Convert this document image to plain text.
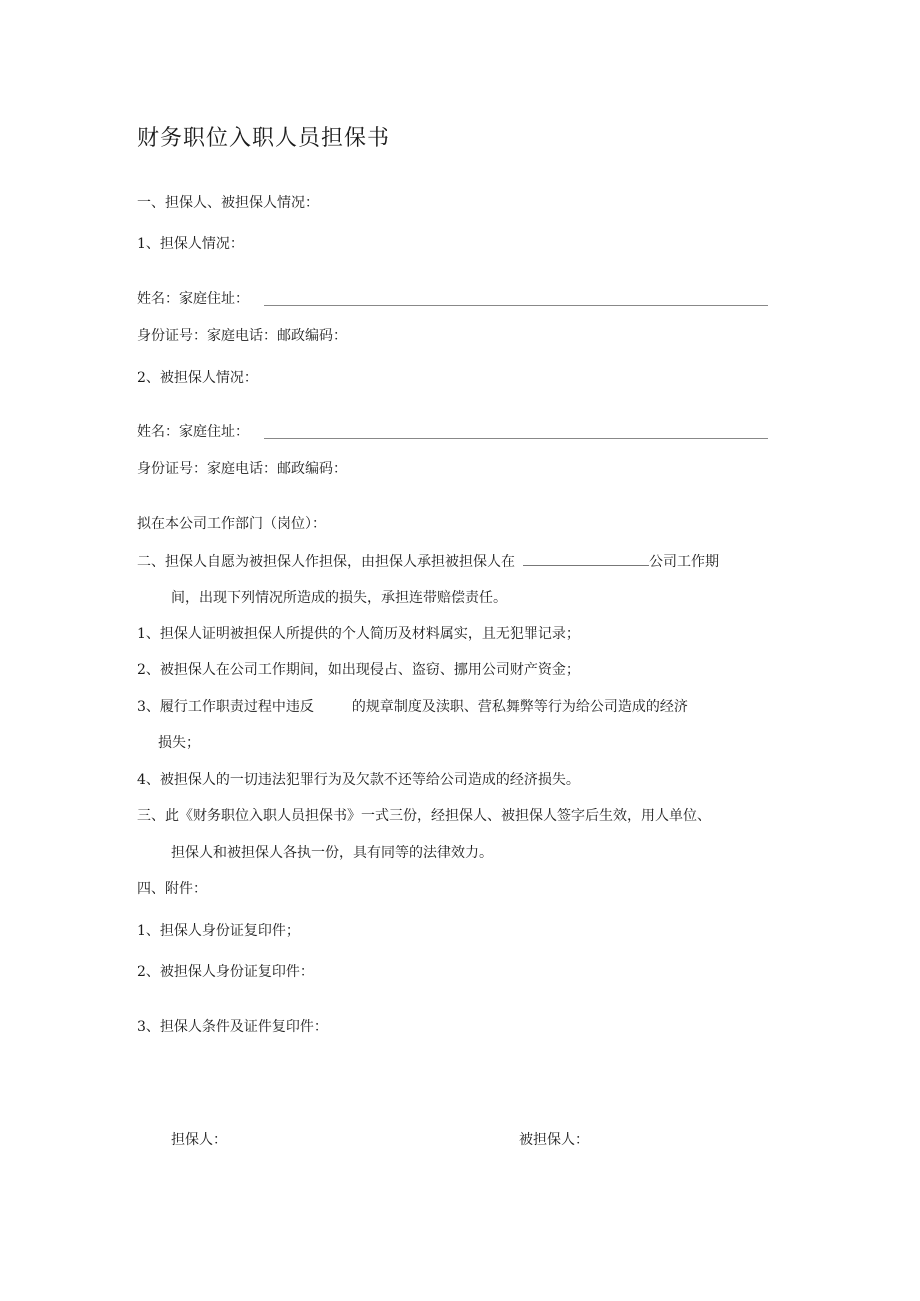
财务职位入职人员担保书
一、担保人、被担保人情况：
1、担保人情况：
姓名：家庭住址：
身份证号：家庭电话：邮政编码：
2、被担保人情况：
姓名：家庭住址：
身份证号：家庭电话：邮政编码：
拟在本公司工作部门（岗位）：
二、担保人自愿为被担保人作担保，由担保人承担被担保人在	公司工作期
间，出现下列情况所造成的损失，承担连带赔偿责任。
1、担保人证明被担保人所提供的个人简历及材料属实，且无犯罪记录；
2、被担保人在公司工作期间，如出现侵占、盗窃、挪用公司财产资金；
3、履行工作职责过程中违反	的规章制度及渎职、营私舞弊等行为给公司造成的经济
损失；
4、被担保人的一切违法犯罪行为及欠款不还等给公司造成的经济损失。
三、此《财务职位入职人员担保书》一式三份，经担保人、被担保人签字后生效，用人单位、
担保人和被担保人各执一份，具有同等的法律效力。
四、附件：
1、担保人身份证复印件；
2、被担保人身份证复印件：
3、担保人条件及证件复印件：
担保人：	被担保人：
